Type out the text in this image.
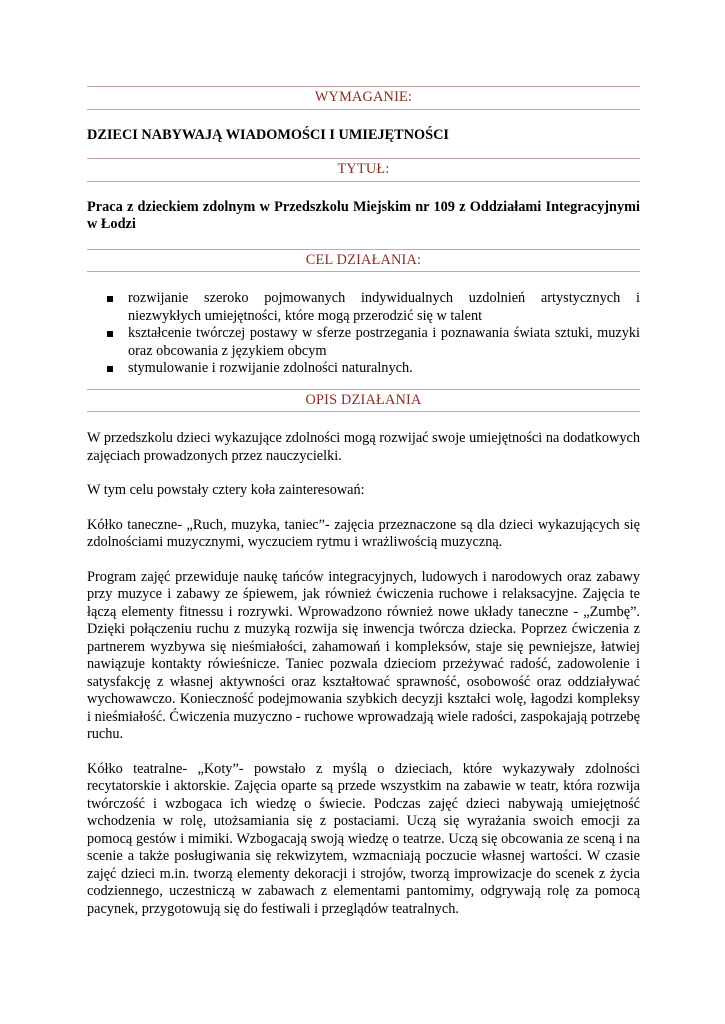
WYMAGANIE:

DZIECI NABYWAJĄ WIADOMOŚCI I UMIEJĘTNOŚCI

TYTUŁ:

Praca z dzieckiem zdolnym w Przedszkolu Miejskim nr 109 z Oddziałami Integracyjnymi w Łodzi

CEL DZIAŁANIA:
rozwijanie szeroko pojmowanych indywidualnych uzdolnień artystycznych i niezwykłych umiejętności, które mogą przerodzić się w talent
kształcenie twórczej postawy w sferze postrzegania i poznawania świata sztuki, muzyki oraz obcowania z językiem obcym
stymulowanie i rozwijanie zdolności naturalnych.
OPIS DZIAŁANIA

W przedszkolu dzieci wykazujące zdolności mogą rozwijać swoje umiejętności na dodatkowych zajęciach prowadzonych przez nauczycielki.

W tym celu powstały cztery koła zainteresowań:

Kółko taneczne- „Ruch, muzyka, taniec”- zajęcia przeznaczone są dla dzieci wykazujących się zdolnościami muzycznymi, wyczuciem rytmu i wrażliwością muzyczną.

Program zajęć przewiduje naukę tańców integracyjnych, ludowych i narodowych oraz zabawy przy muzyce i zabawy ze śpiewem, jak również ćwiczenia ruchowe i relaksacyjne. Zajęcia te łączą elementy fitnessu i rozrywki. Wprowadzono również nowe układy taneczne - „Zumbę”. Dzięki połączeniu ruchu z muzyką rozwija się inwencja twórcza dziecka. Poprzez ćwiczenia z partnerem wyzbywa się nieśmiałości, zahamowań i kompleksów, staje się pewniejsze, łatwiej nawiązuje kontakty rówieśnicze. Taniec pozwala dzieciom przeżywać radość, zadowolenie i satysfakcję z własnej aktywności oraz kształtować sprawność, osobowość oraz oddziaływać wychowawczo. Konieczność podejmowania szybkich decyzji kształci wolę, łagodzi kompleksy i nieśmiałość. Ćwiczenia muzyczno - ruchowe wprowadzają wiele radości, zaspokajają potrzebę ruchu.

Kółko teatralne- „Koty”- powstało z myślą o dzieciach, które wykazywały zdolności recytatorskie i aktorskie. Zajęcia oparte są przede wszystkim na zabawie w teatr, która rozwija twórczość i wzbogaca ich wiedzę o świecie. Podczas zajęć dzieci nabywają umiejętność wchodzenia w rolę, utożsamiania się z postaciami. Uczą się wyrażania swoich emocji za pomocą gestów i mimiki. Wzbogacają swoją wiedzę o teatrze. Uczą się obcowania ze sceną i na scenie a także posługiwania się rekwizytem, wzmacniają poczucie własnej wartości. W czasie zajęć dzieci m.in. tworzą elementy dekoracji i strojów, tworzą improwizacje do scenek z życia codziennego, uczestniczą w zabawach z elementami pantomimy, odgrywają rolę za pomocą pacynek, przygotowują się do festiwali i przeglądów teatralnych.
